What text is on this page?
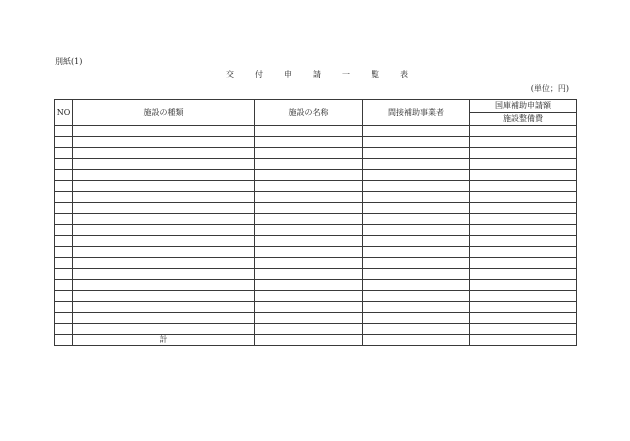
別紙(1)
交付申請一覧表
(単位；円)
NO	施設の種類	施設の名称	間接補助事業者	国庫補助申請額
				施設整備費

	計			
